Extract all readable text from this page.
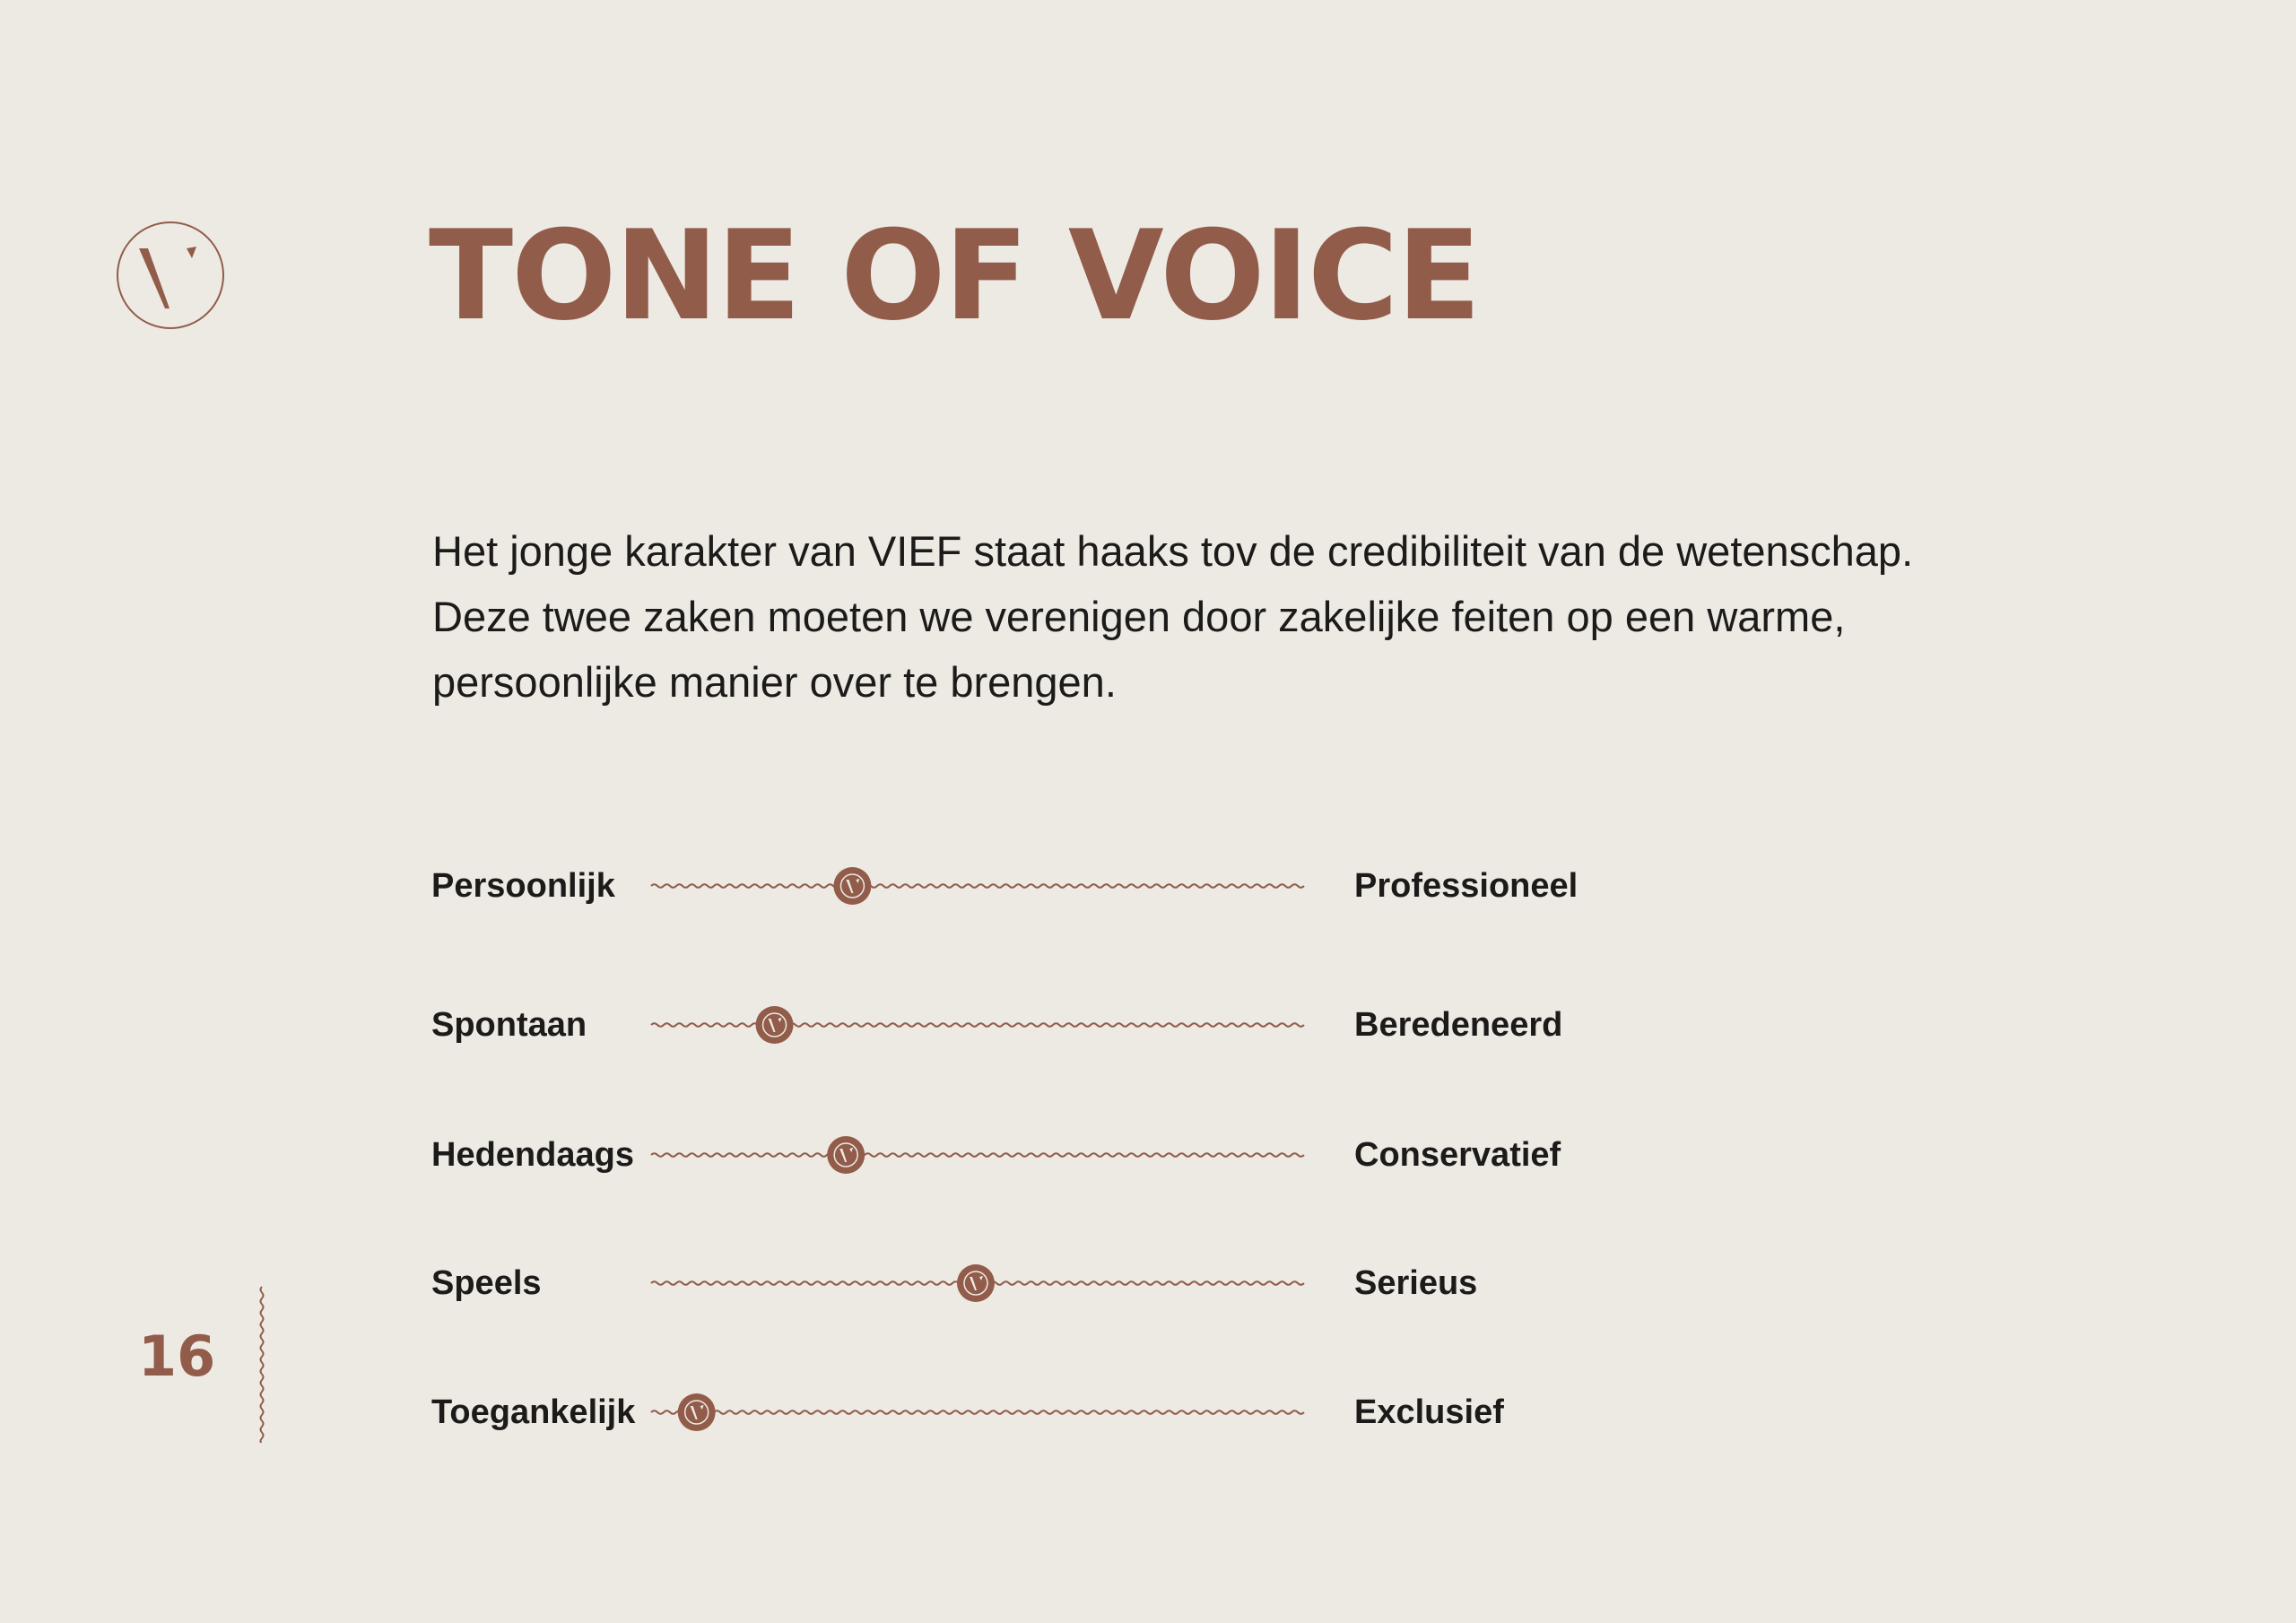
TONE OF VOICE

Het jonge karakter van VIEF staat haaks tov de credibiliteit van de wetenschap.
Deze twee zaken moeten we verenigen door zakelijke feiten op een warme,
persoonlijke manier over te brengen.

Persoonlijk	Professioneel
Spontaan	Beredeneerd
Hedendaags	Conservatief
Speels	Serieus
Toegankelijk	Exclusief
16
